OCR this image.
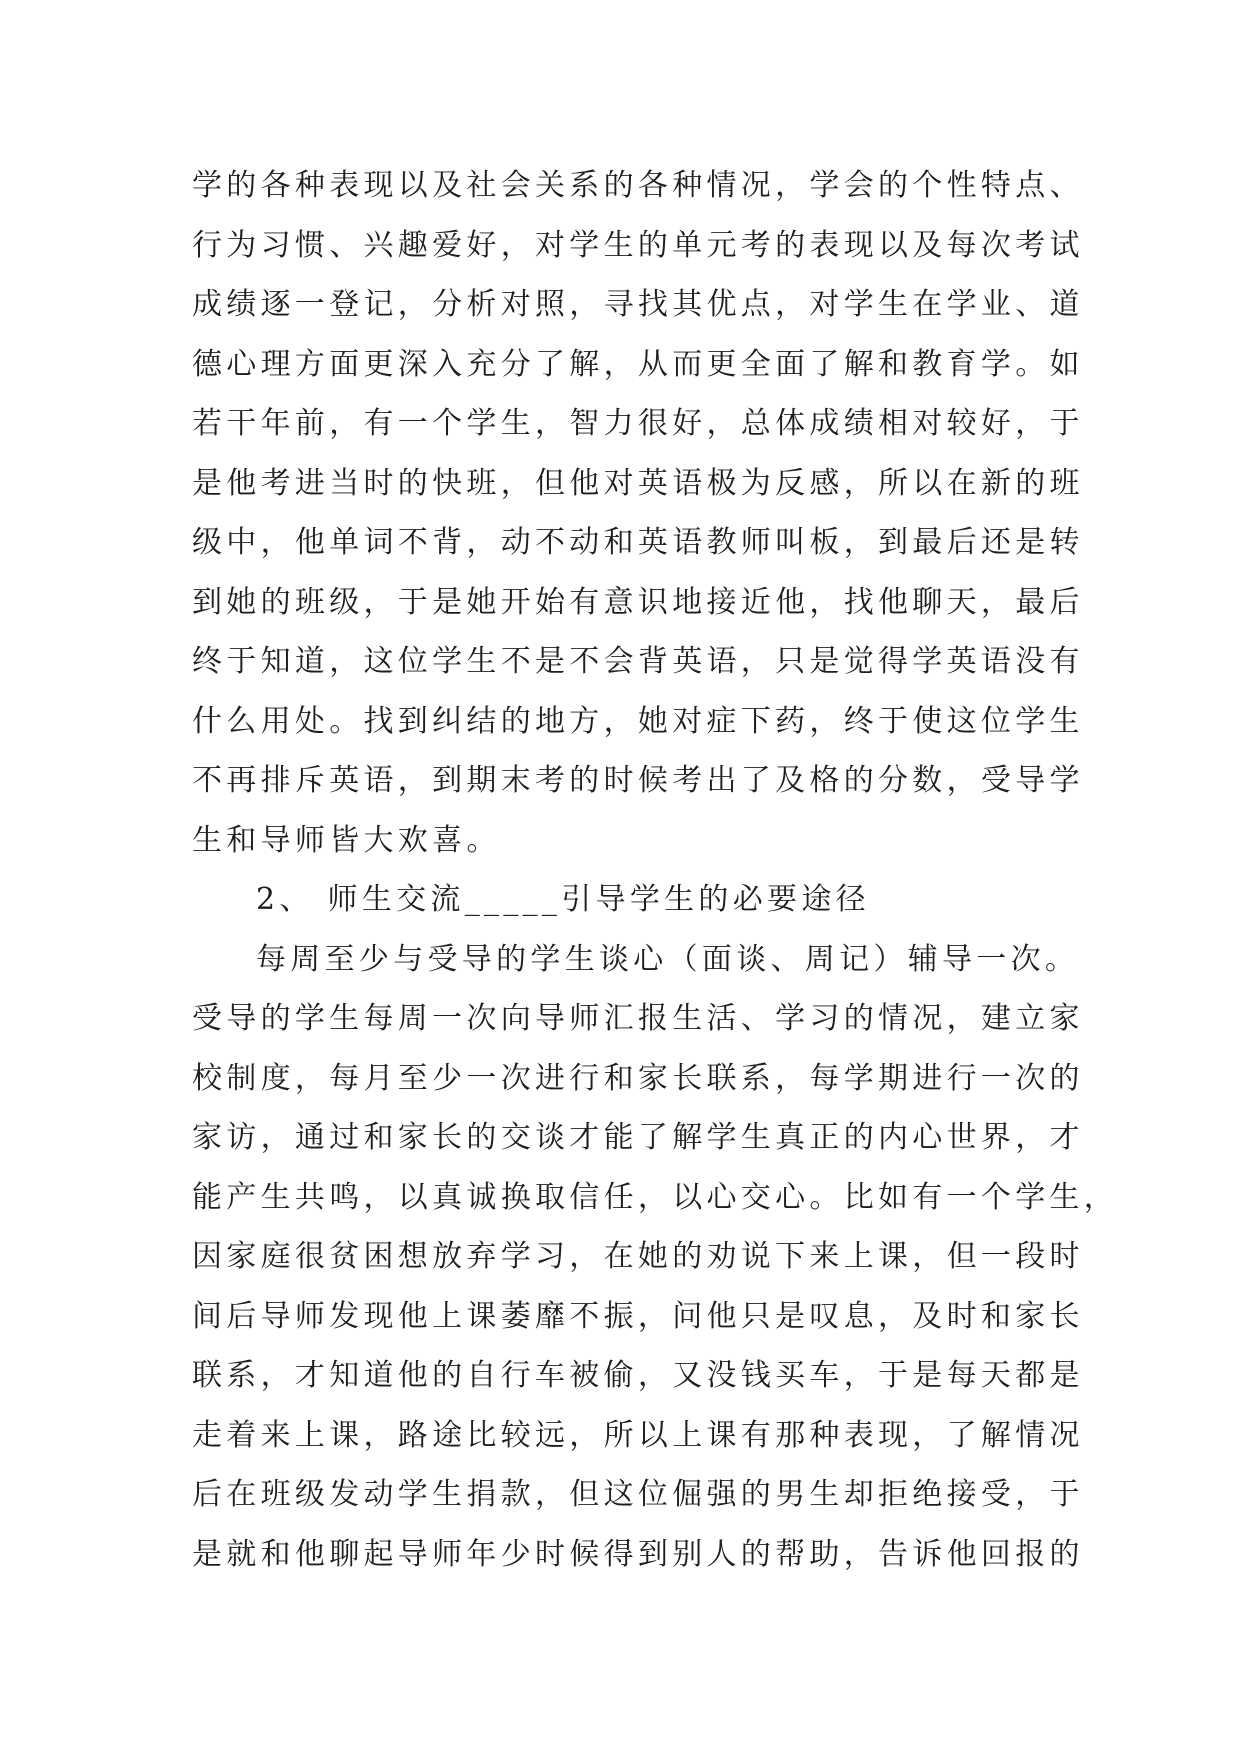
学的各种表现以及社会关系的各种情况，学会的个性特点、
行为习惯、兴趣爱好，对学生的单元考的表现以及每次考试
成绩逐一登记，分析对照，寻找其优点，对学生在学业、道
德心理方面更深入充分了解，从而更全面了解和教育学。如
若干年前，有一个学生，智力很好，总体成绩相对较好，于
是他考进当时的快班，但他对英语极为反感，所以在新的班
级中，他单词不背，动不动和英语教师叫板，到最后还是转
到她的班级，于是她开始有意识地接近他，找他聊天，最后
终于知道，这位学生不是不会背英语，只是觉得学英语没有
什么用处。找到纠结的地方，她对症下药，终于使这位学生
不再排斥英语，到期末考的时候考出了及格的分数，受导学
生和导师皆大欢喜。
2、 师生交流_____引导学生的必要途径
每周至少与受导的学生谈心（面谈、周记）辅导一次。
受导的学生每周一次向导师汇报生活、学习的情况，建立家
校制度，每月至少一次进行和家长联系，每学期进行一次的
家访，通过和家长的交谈才能了解学生真正的内心世界，才
能产生共鸣，以真诚换取信任，以心交心。比如有一个学生，
因家庭很贫困想放弃学习，在她的劝说下来上课，但一段时
间后导师发现他上课萎靡不振，问他只是叹息，及时和家长
联系，才知道他的自行车被偷，又没钱买车，于是每天都是
走着来上课，路途比较远，所以上课有那种表现，了解情况
后在班级发动学生捐款，但这位倔强的男生却拒绝接受，于
是就和他聊起导师年少时候得到别人的帮助，告诉他回报的
